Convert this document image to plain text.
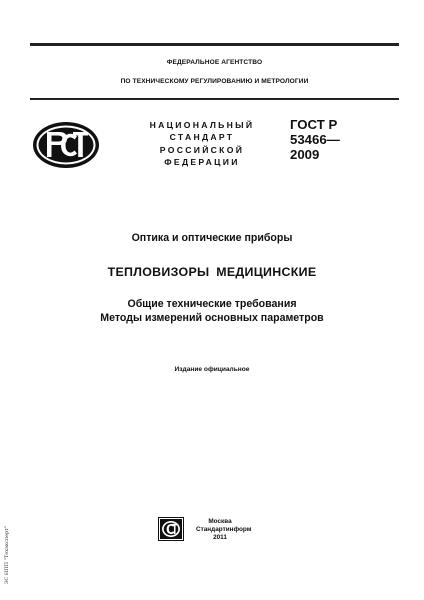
ФЕДЕРАЛЬНОЕ АГЕНТСТВО
ПО ТЕХНИЧЕСКОМУ РЕГУЛИРОВАНИЮ И МЕТРОЛОГИИ
НАЦИОНАЛЬНЫЙ
СТАНДАРТ
РОССИЙСКОЙ
ФЕДЕРАЦИИ
ГОСТ Р
53466—
2009
Оптика и оптические приборы
ТЕПЛОВИЗОРЫ МЕДИЦИНСКИЕ
Общие технические требования
Методы измерений основных параметров
Издание официальное
Москва
Стандартинформ
2011
ЭС НПП "Техэксперт"
